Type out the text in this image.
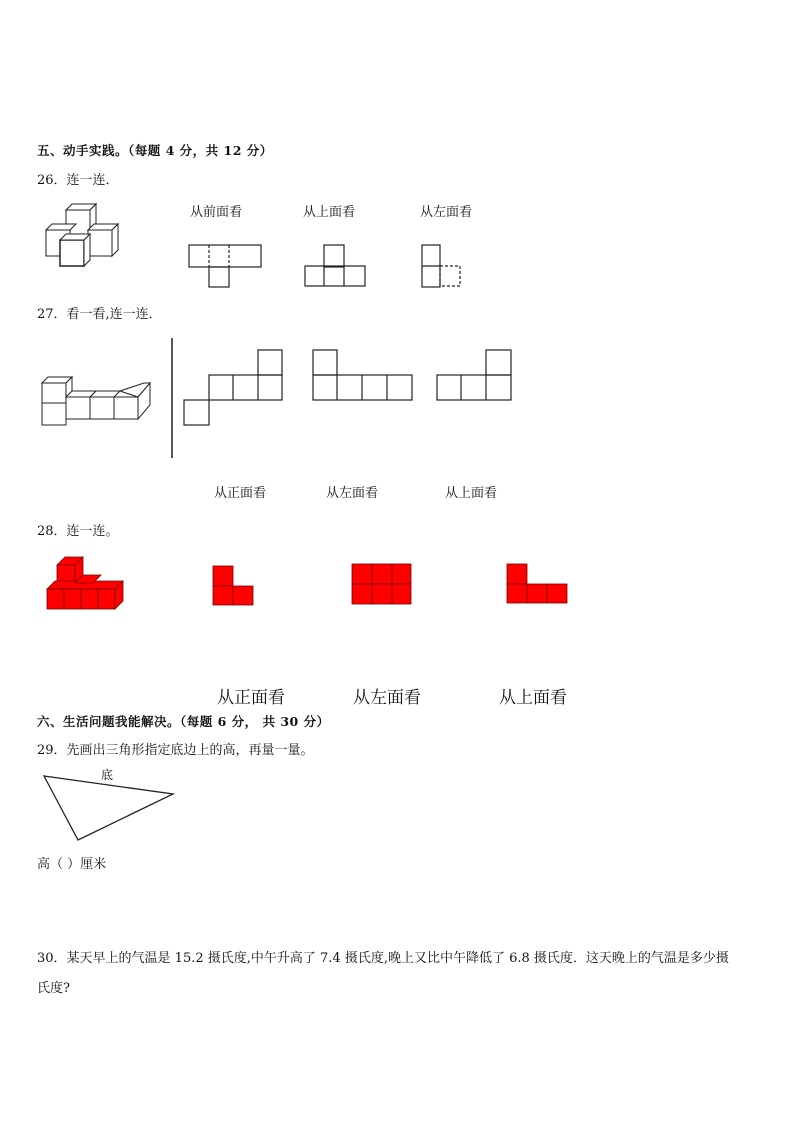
五、动手实践。（每题 4 分，共 12 分）
26．连一连．
从前面看	从上面看	从左面看
27．看一看,连一连．
从正面看	从左面看	从上面看
28．连一连。
从正面看	从左面看	从上面看
六、生活问题我能解决。（每题 6 分， 共 30 分）
29．先画出三角形指定底边上的高，再量一量。
底
高（ ）厘米
30．某天早上的气温是 15.2 摄氏度,中午升高了 7.4 摄氏度,晚上又比中午降低了 6.8 摄氏度．这天晚上的气温是多少摄
氏度?
